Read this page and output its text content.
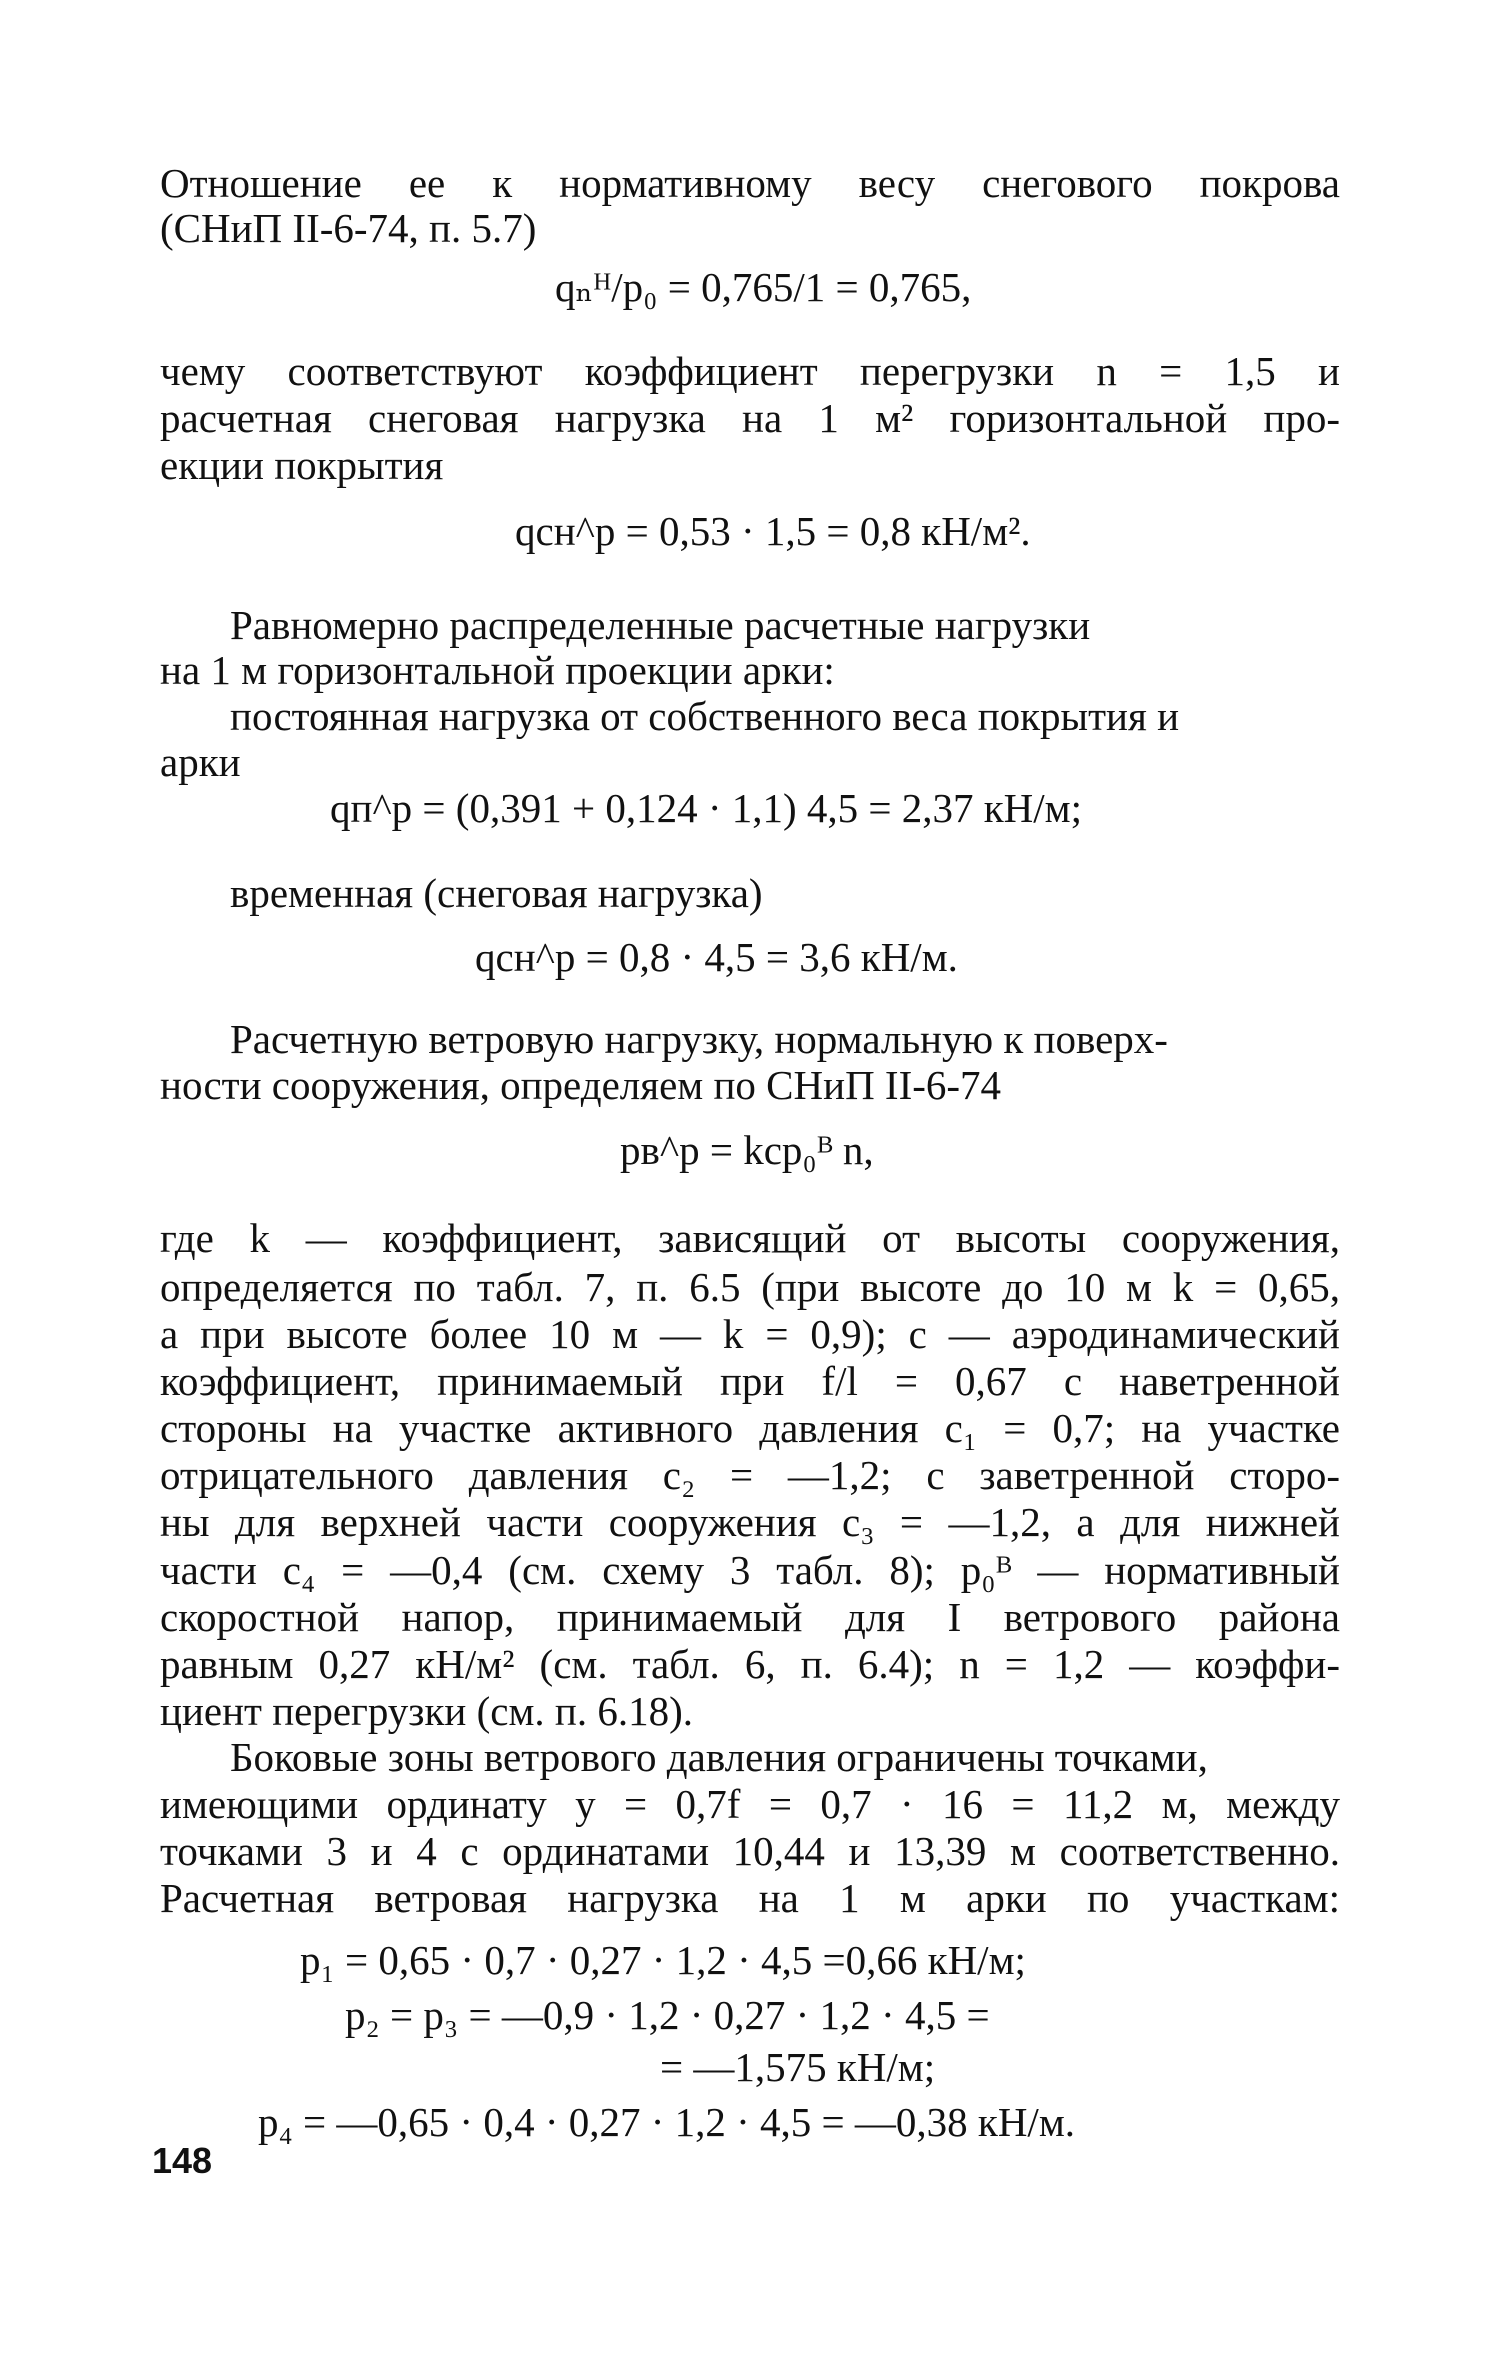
Отношение ее к нормативному весу снегового покрова
(СНиП II-6-74, п. 5.7)
qₙᴴ/p₀ = 0,765/1 = 0,765,
чему соответствуют коэффициент перегрузки n = 1,5 и
расчетная снеговая нагрузка на 1 м² горизонтальной про-
екции покрытия
qсн^р = 0,53 · 1,5 = 0,8 кН/м².
Равномерно распределенные расчетные нагрузки
на 1 м горизонтальной проекции арки:
постоянная нагрузка от собственного веса покрытия и
арки
qп^р = (0,391 + 0,124 · 1,1) 4,5 = 2,37 кН/м;
временная (снеговая нагрузка)
qсн^р = 0,8 · 4,5 = 3,6 кН/м.
Расчетную ветровую нагрузку, нормальную к поверх-
ности сооружения, определяем по СНиП II-6-74
pв^р = kcp₀ᴮ n,
где k — коэффициент, зависящий от высоты сооружения,
определяется по табл. 7, п. 6.5 (при высоте до 10 м k = 0,65,
а при высоте более 10 м — k = 0,9); c — аэродинамический
коэффициент, принимаемый при f/l = 0,67 с наветренной
стороны на участке активного давления c₁ = 0,7; на участке
отрицательного давления c₂ = —1,2; с заветренной сторо-
ны для верхней части сооружения c₃ = —1,2, а для нижней
части c₄ = —0,4 (см. схему 3 табл. 8); p₀ᴮ — нормативный
скоростной напор, принимаемый для I ветрового района
равным 0,27 кН/м² (см. табл. 6, п. 6.4); n = 1,2 — коэффи-
циент перегрузки (см. п. 6.18).
Боковые зоны ветрового давления ограничены точками,
имеющими ординату y = 0,7f = 0,7 · 16 = 11,2 м, между
точками 3 и 4 с ординатами 10,44 и 13,39 м соответственно.
Расчетная ветровая нагрузка на 1 м арки по участкам:
p₁ = 0,65 · 0,7 · 0,27 · 1,2 · 4,5 =0,66 кН/м;
p₂ = p₃ = —0,9 · 1,2 · 0,27 · 1,2 · 4,5 =
= —1,575 кН/м;
p₄ = —0,65 · 0,4 · 0,27 · 1,2 · 4,5 = —0,38 кН/м.
148
